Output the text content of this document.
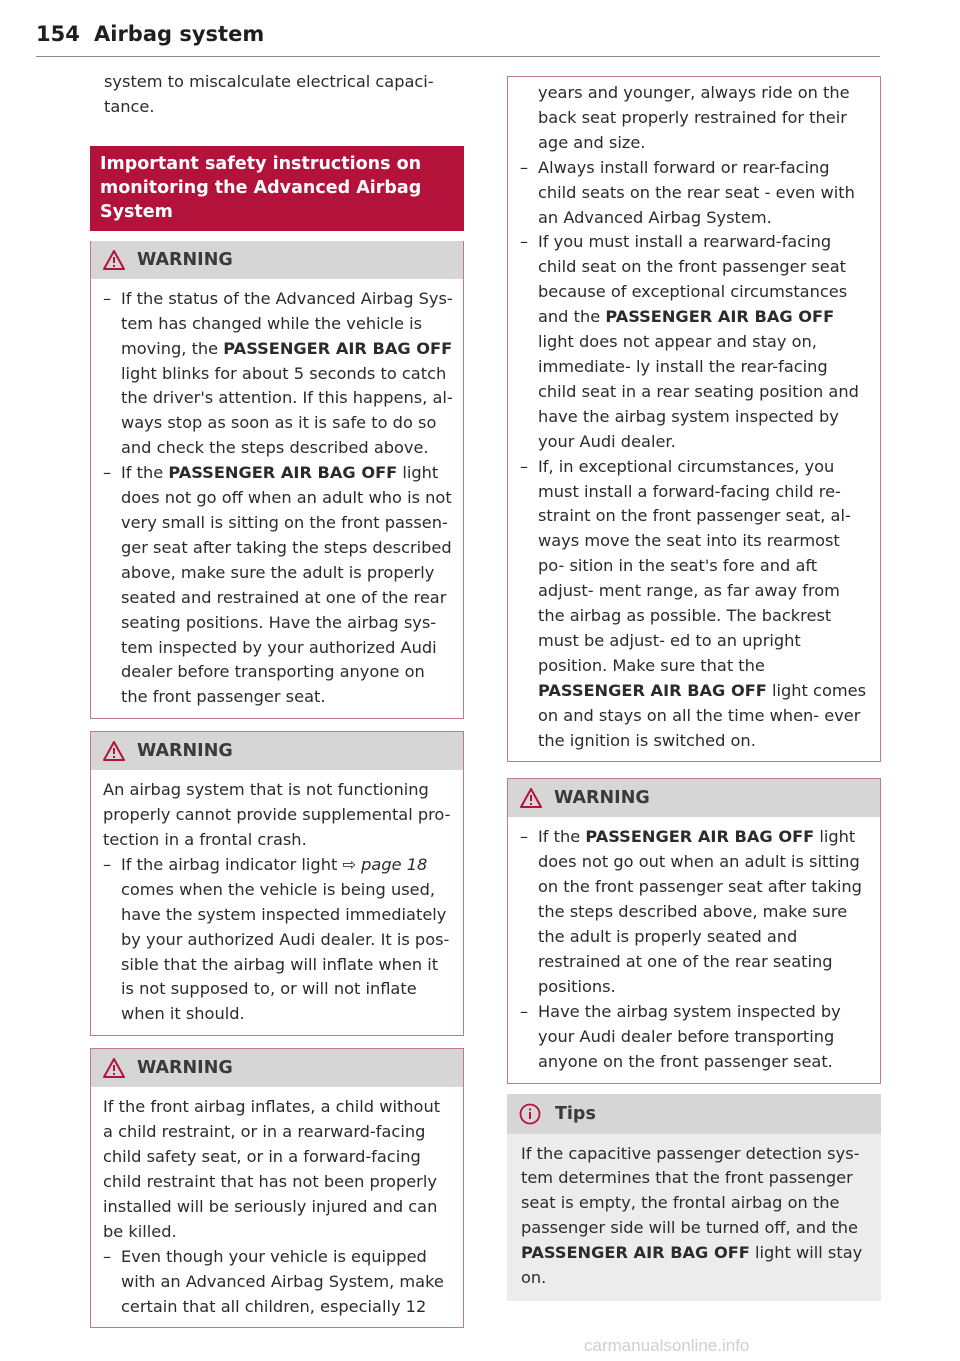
154 Airbag system

system to miscalculate electrical capaci- tance.

Important safety instructions on monitoring the Advanced Airbag System
WARNING
– If the status of the Advanced Airbag Sys- tem has changed while the vehicle is moving, the PASSENGER AIR BAG OFF light blinks for about 5 seconds to catch the driver's attention. If this happens, al- ways stop as soon as it is safe to do so and check the steps described above.
– If the PASSENGER AIR BAG OFF light does not go off when an adult who is not very small is sitting on the front passen- ger seat after taking the steps described above, make sure the adult is properly seated and restrained at one of the rear seating positions. Have the airbag sys- tem inspected by your authorized Audi dealer before transporting anyone on the front passenger seat.
WARNING

An airbag system that is not functioning properly cannot provide supplemental pro- tection in a frontal crash.

– If the airbag indicator light ⇨ page 18 comes when the vehicle is being used, have the system inspected immediately by your authorized Audi dealer. It is pos- sible that the airbag will inflate when it is not supposed to, or will not inflate when it should.
WARNING

If the front airbag inflates, a child without a child restraint, or in a rearward-facing child safety seat, or in a forward-facing child restraint that has not been properly installed will be seriously injured and can be killed.

– Even though your vehicle is equipped with an Advanced Airbag System, make certain that all children, especially 12

years and younger, always ride on the back seat properly restrained for their age and size.

– Always install forward or rear-facing child seats on the rear seat - even with an Advanced Airbag System.
– If you must install a rearward-facing child seat on the front passenger seat because of exceptional circumstances and the PASSENGER AIR BAG OFF light does not appear and stay on, immediate- ly install the rear-facing child seat in a rear seating position and have the airbag system inspected by your Audi dealer.
– If, in exceptional circumstances, you must install a forward-facing child re- straint on the front passenger seat, al- ways move the seat into its rearmost po- sition in the seat's fore and aft adjust- ment range, as far away from the airbag as possible. The backrest must be adjust- ed to an upright position. Make sure that the PASSENGER AIR BAG OFF light comes on and stays on all the time when- ever the ignition is switched on.
WARNING
– If the PASSENGER AIR BAG OFF light does not go out when an adult is sitting on the front passenger seat after taking the steps described above, make sure the adult is properly seated and restrained at one of the rear seating positions.
– Have the airbag system inspected by your Audi dealer before transporting anyone on the front passenger seat.
Tips

If the capacitive passenger detection sys- tem determines that the front passenger seat is empty, the frontal airbag on the passenger side will be turned off, and the PASSENGER AIR BAG OFF light will stay on.

carmanualsonline.info
